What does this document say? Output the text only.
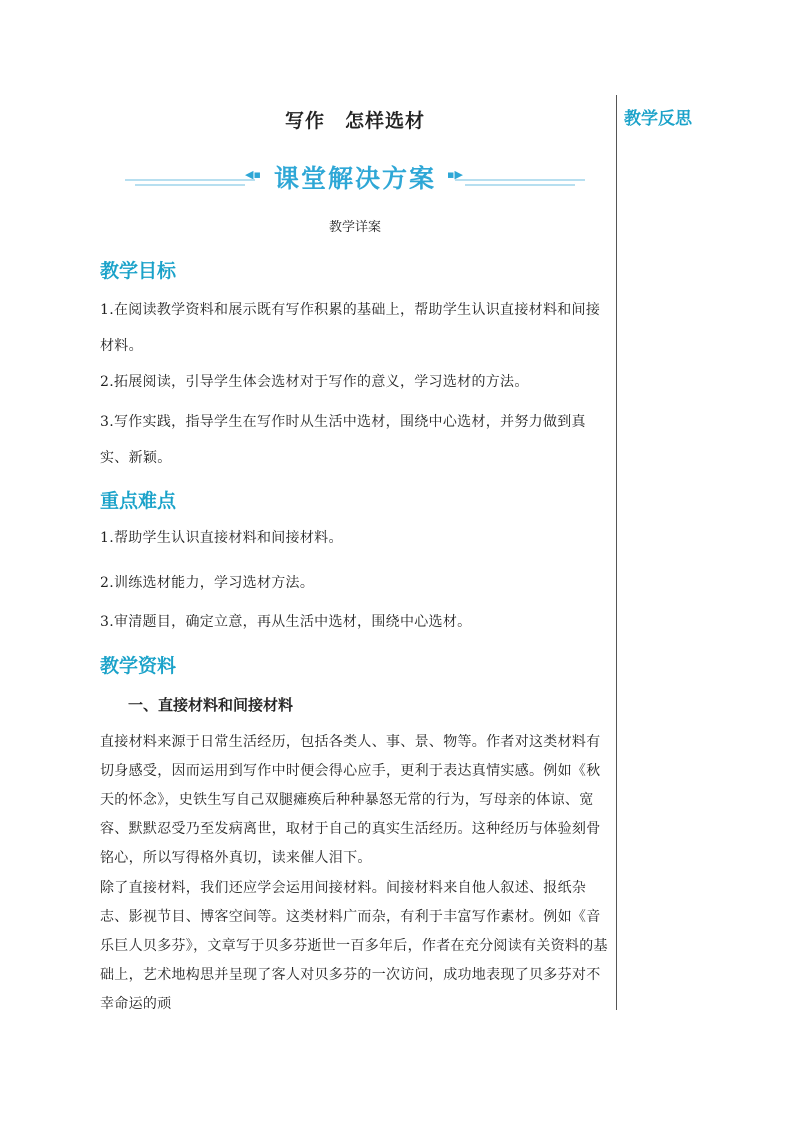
教学反思
写作　怎样选材
◀▪ 课堂解决方案	▪▶
教学详案
教学目标
1.在阅读教学资料和展示既有写作积累的基础上，帮助学生认识直接材料和间接材料。
2.拓展阅读，引导学生体会选材对于写作的意义，学习选材的方法。
3.写作实践，指导学生在写作时从生活中选材，围绕中心选材，并努力做到真实、新颖。
重点难点
1.帮助学生认识直接材料和间接材料。
2.训练选材能力，学习选材方法。
3.审清题目，确定立意，再从生活中选材，围绕中心选材。
教学资料
一、直接材料和间接材料
直接材料来源于日常生活经历，包括各类人、事、景、物等。作者对这类材料有切身感受，因而运用到写作中时便会得心应手，更利于表达真情实感。例如《秋天的怀念》，史铁生写自己双腿瘫痪后种种暴怒无常的行为，写母亲的体谅、宽容、默默忍受乃至发病离世，取材于自己的真实生活经历。这种经历与体验刻骨铭心，所以写得格外真切，读来催人泪下。
除了直接材料，我们还应学会运用间接材料。间接材料来自他人叙述、报纸杂志、影视节目、博客空间等。这类材料广而杂，有利于丰富写作素材。例如《音乐巨人贝多芬》，文章写于贝多芬逝世一百多年后，作者在充分阅读有关资料的基础上，艺术地构思并呈现了客人对贝多芬的一次访问，成功地表现了贝多芬对不幸命运的顽
